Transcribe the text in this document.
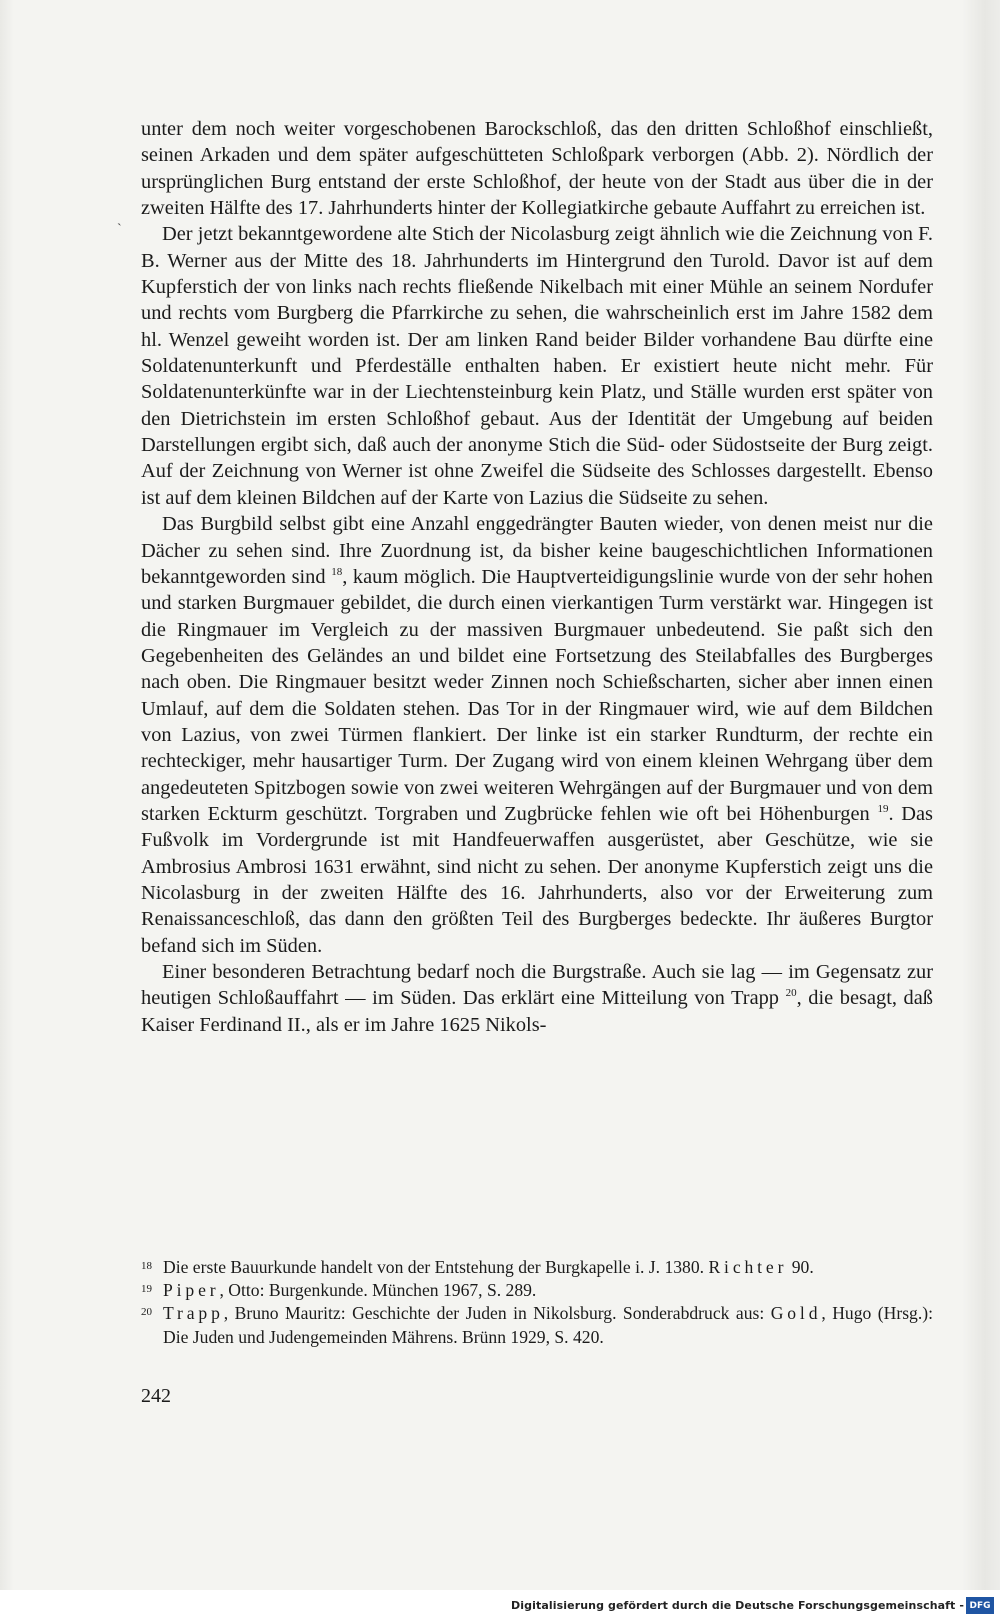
`

unter dem noch weiter vorgeschobenen Barockschloß, das den dritten Schloßhof einschließt, seinen Arkaden und dem später aufgeschütteten Schloßpark verborgen (Abb. 2). Nördlich der ursprünglichen Burg entstand der erste Schloßhof, der heute von der Stadt aus über die in der zweiten Hälfte des 17. Jahrhunderts hinter der Kollegiatkirche gebaute Auffahrt zu erreichen ist.

Der jetzt bekanntgewordene alte Stich der Nicolasburg zeigt ähnlich wie die Zeichnung von F. B. Werner aus der Mitte des 18. Jahrhunderts im Hintergrund den Turold. Davor ist auf dem Kupferstich der von links nach rechts fließende Nikelbach mit einer Mühle an seinem Nordufer und rechts vom Burgberg die Pfarrkirche zu sehen, die wahrscheinlich erst im Jahre 1582 dem hl. Wenzel geweiht worden ist. Der am linken Rand beider Bilder vorhandene Bau dürfte eine Soldatenunterkunft und Pferdeställe enthalten haben. Er existiert heute nicht mehr. Für Soldatenunterkünfte war in der Liechtensteinburg kein Platz, und Ställe wurden erst später von den Dietrichstein im ersten Schloßhof gebaut. Aus der Identität der Umgebung auf beiden Darstellungen ergibt sich, daß auch der anonyme Stich die Süd- oder Südostseite der Burg zeigt. Auf der Zeichnung von Werner ist ohne Zweifel die Südseite des Schlosses dargestellt. Ebenso ist auf dem kleinen Bildchen auf der Karte von Lazius die Südseite zu sehen.

Das Burgbild selbst gibt eine Anzahl enggedrängter Bauten wieder, von denen meist nur die Dächer zu sehen sind. Ihre Zuordnung ist, da bisher keine baugeschichtlichen Informationen bekanntgeworden sind $^{18}$, kaum möglich. Die Hauptverteidigungslinie wurde von der sehr hohen und starken Burgmauer gebildet, die durch einen vierkantigen Turm verstärkt war. Hingegen ist die Ringmauer im Vergleich zu der massiven Burgmauer unbedeutend. Sie paßt sich den Gegebenheiten des Geländes an und bildet eine Fortsetzung des Steilabfalles des Burgberges nach oben. Die Ringmauer besitzt weder Zinnen noch Schießscharten, sicher aber innen einen Umlauf, auf dem die Soldaten stehen. Das Tor in der Ringmauer wird, wie auf dem Bildchen von Lazius, von zwei Türmen flankiert. Der linke ist ein starker Rundturm, der rechte ein rechteckiger, mehr hausartiger Turm. Der Zugang wird von einem kleinen Wehrgang über dem angedeuteten Spitzbogen sowie von zwei weiteren Wehrgängen auf der Burgmauer und von dem starken Eckturm geschützt. Torgraben und Zugbrücke fehlen wie oft bei Höhenburgen $^{19}$. Das Fußvolk im Vordergrunde ist mit Handfeuerwaffen ausgerüstet, aber Geschütze, wie sie Ambrosius Ambrosi 1631 erwähnt, sind nicht zu sehen. Der anonyme Kupferstich zeigt uns die Nicolasburg in der zweiten Hälfte des 16. Jahrhunderts, also vor der Erweiterung zum Renaissanceschloß, das dann den größten Teil des Burgberges bedeckte. Ihr äußeres Burgtor befand sich im Süden.

Einer besonderen Betrachtung bedarf noch die Burgstraße. Auch sie lag — im Gegensatz zur heutigen Schloßauffahrt — im Süden. Das erklärt eine Mitteilung von Trapp $^{20}$, die besagt, daß Kaiser Ferdinand II., als er im Jahre 1625 Nikols-

18 Die erste Bauurkunde handelt von der Entstehung der Burgkapelle i. J. 1380. Richter 90.
19 Piper, Otto: Burgenkunde. München 1967, S. 289.
20 Trapp, Bruno Mauritz: Geschichte der Juden in Nikolsburg. Sonderabdruck aus: Gold, Hugo (Hrsg.): Die Juden und Judengemeinden Mährens. Brünn 1929, S. 420.
242
Digitalisierung gefördert durch die Deutsche Forschungsgemeinschaft - DFG
